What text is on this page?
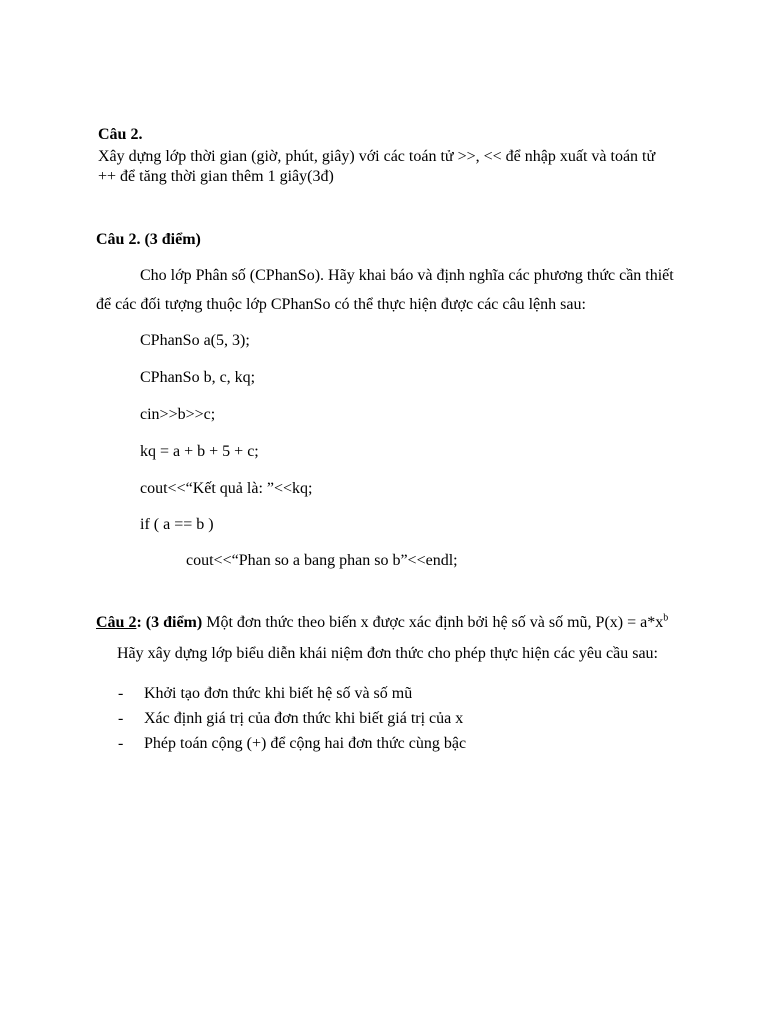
Câu 2.
Xây dựng lớp thời gian (giờ, phút, giây) với các toán tử >>, << để nhập xuất và toán tử
++ để tăng thời gian thêm 1 giây(3đ)
Câu 2. (3 điểm)
Cho lớp Phân số (CPhanSo). Hãy khai báo và định nghĩa các phương thức cần thiết
để các đối tượng thuộc lớp CPhanSo có thể thực hiện được các câu lệnh sau:
CPhanSo a(5, 3);
CPhanSo b, c, kq;
cin>>b>>c;
kq = a + b + 5 + c;
cout<<“Kết quả là: ”<<kq;
if ( a == b )
cout<<“Phan so a bang phan so b”<<endl;
Câu 2: (3 điểm) Một đơn thức theo biến x được xác định bởi hệ số và số mũ, $P(x) = a*x^b$
Hãy xây dựng lớp biểu diễn khái niệm đơn thức cho phép thực hiện các yêu cầu sau:
- Khởi tạo đơn thức khi biết hệ số và số mũ
- Xác định giá trị của đơn thức khi biết giá trị của x
- Phép toán cộng (+) để cộng hai đơn thức cùng bậc
